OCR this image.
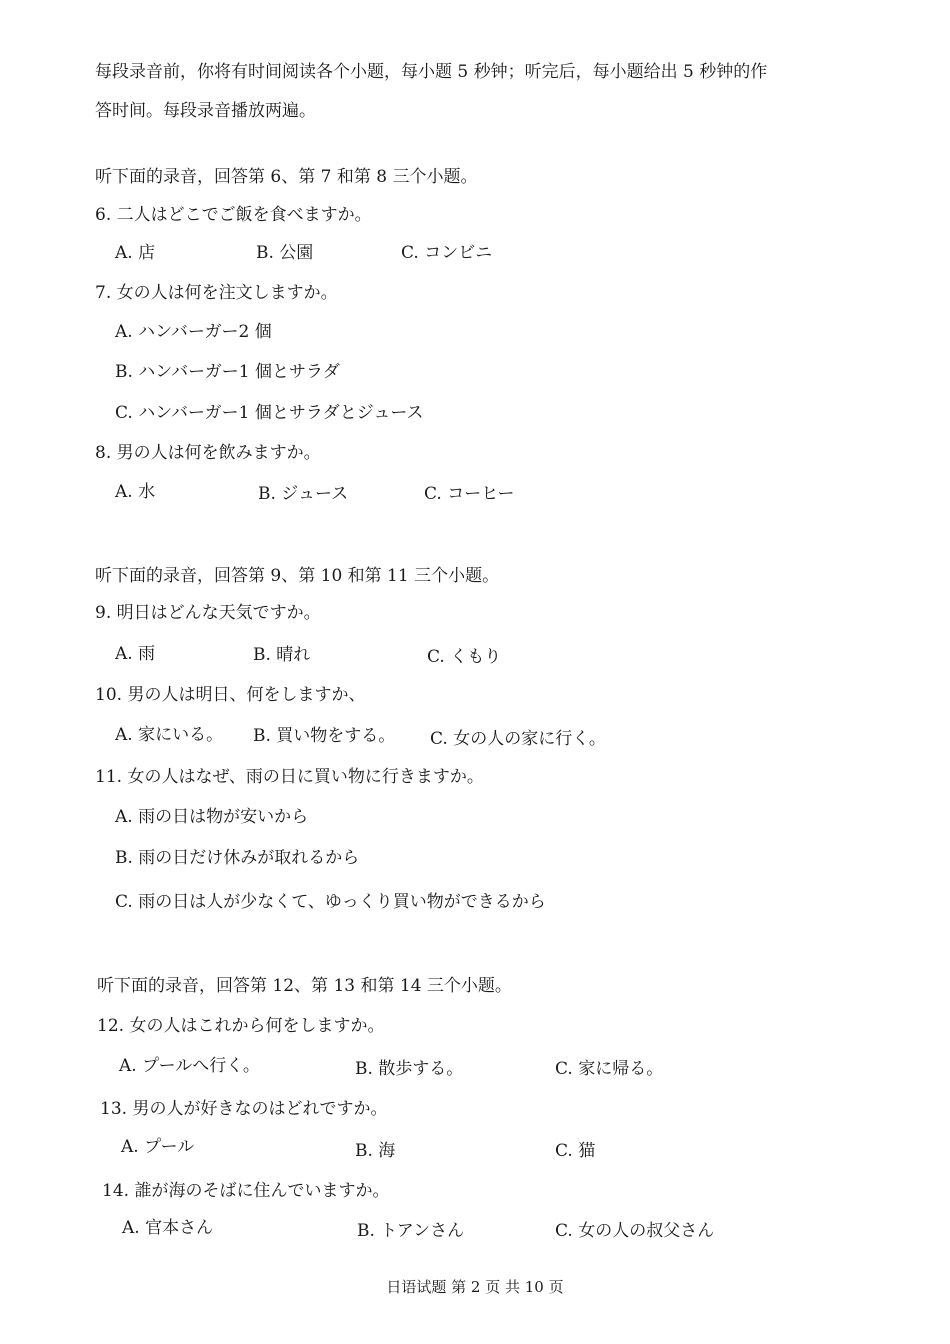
每段录音前，你将有时间阅读各个小题，每小题 5 秒钟；听完后，每小题给出 5 秒钟的作
答时间。每段录音播放两遍。
听下面的录音，回答第 6、第 7 和第 8 三个小题。
6. 二人はどこでご飯を食べますか。
A. 店	B. 公園	C. コンビニ
7. 女の人は何を注文しますか。
A. ハンバーガー2 個
B. ハンバーガー1 個とサラダ
C. ハンバーガー1 個とサラダとジュース
8. 男の人は何を飲みますか。
A. 水	B. ジュース	C. コーヒー
听下面的录音，回答第 9、第 10 和第 11 三个小题。
9. 明日はどんな天気ですか。
A. 雨	B. 晴れ	C. くもり
10. 男の人は明日、何をしますか、
A. 家にいる。 B. 買い物をする。 C. 女の人の家に行く。
11. 女の人はなぜ、雨の日に買い物に行きますか。
A. 雨の日は物が安いから
B. 雨の日だけ休みが取れるから
C. 雨の日は人が少なくて、ゆっくり買い物ができるから
听下面的录音，回答第 12、第 13 和第 14 三个小题。
12. 女の人はこれから何をしますか。
A. プールへ行く。	B. 散歩する。	C. 家に帰る。
13. 男の人が好きなのはどれですか。
A. プール	B. 海	C. 猫
14. 誰が海のそばに住んでいますか。
A. 官本さん	B. トアンさん	C. 女の人の叔父さん
日语试题 第 2 页 共 10 页
